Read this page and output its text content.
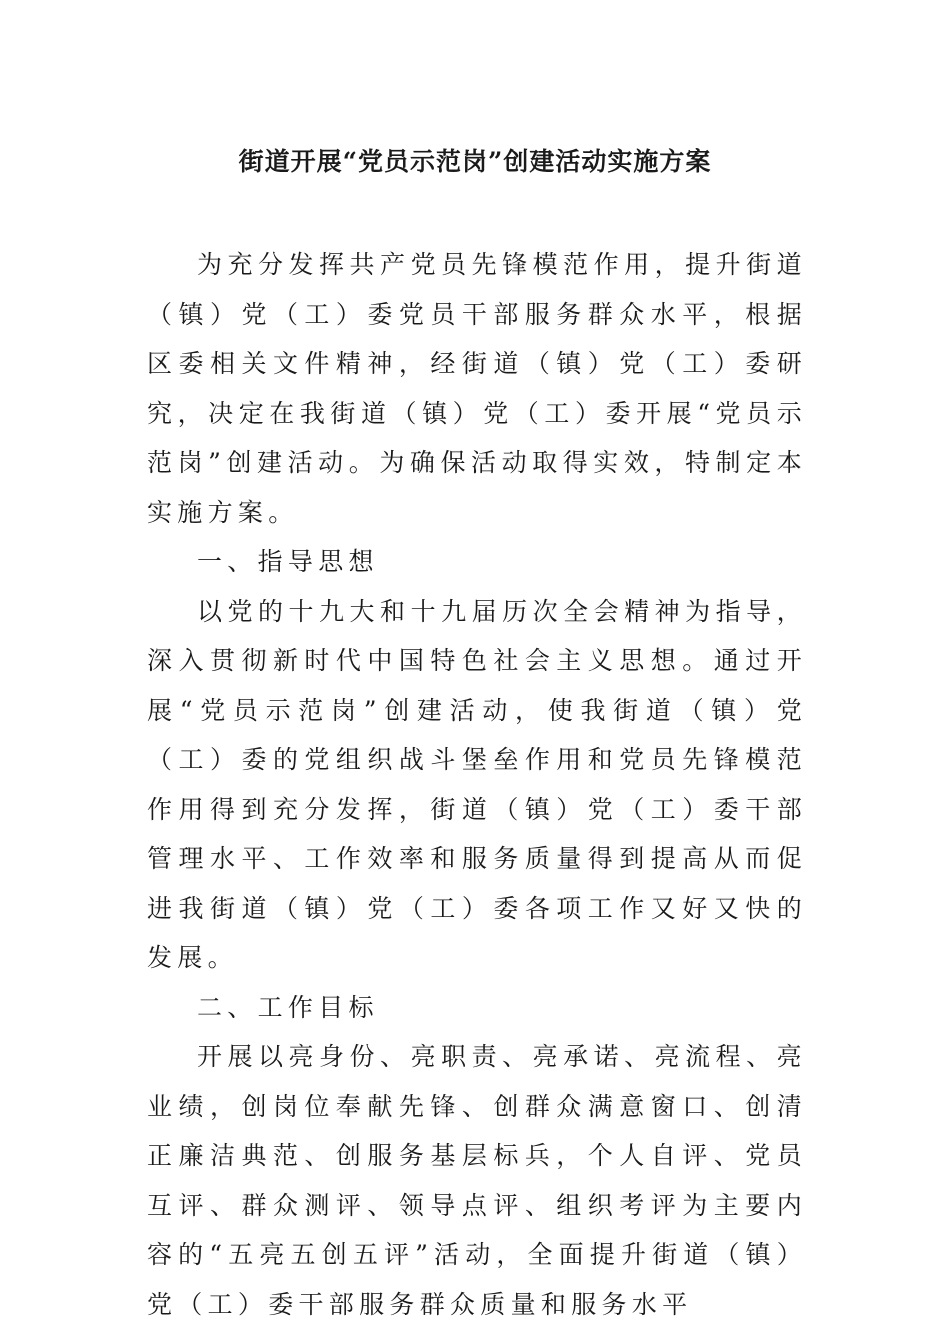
街道开展“党员示范岗”创建活动实施方案

为充分发挥共产党员先锋模范作用，提升街道（镇）党（工）委党员干部服务群众水平，根据区委相关文件精神，经街道（镇）党（工）委研究，决定在我街道（镇）党（工）委开展“党员示范岗”创建活动。为确保活动取得实效，特制定本实施方案。

一、指导思想

以党的十九大和十九届历次全会精神为指导，深入贯彻新时代中国特色社会主义思想。通过开展“党员示范岗”创建活动，使我街道（镇）党（工）委的党组织战斗堡垒作用和党员先锋模范作用得到充分发挥，街道（镇）党（工）委干部管理水平、工作效率和服务质量得到提高从而促进我街道（镇）党（工）委各项工作又好又快的发展。

二、工作目标

开展以亮身份、亮职责、亮承诺、亮流程、亮业绩，创岗位奉献先锋、创群众满意窗口、创清正廉洁典范、创服务基层标兵，个人自评、党员互评、群众测评、领导点评、组织考评为主要内容的“五亮五创五评”活动，全面提升街道（镇）党（工）委干部服务群众质量和服务水平
